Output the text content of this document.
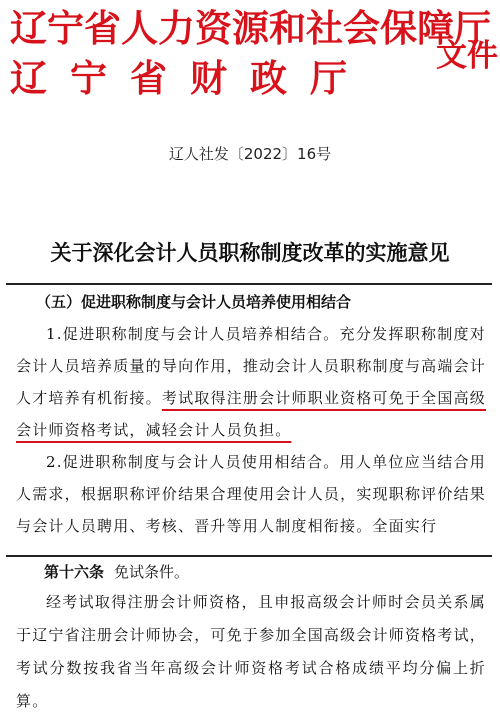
辽宁省人力资源和社会保障厅
辽宁省财政厅 文件
辽人社发〔2022〕16号
关于深化会计人员职称制度改革的实施意见
（五）促进职称制度与会计人员培养使用相结合
1.促进职称制度与会计人员培养相结合。充分发挥职称制度对会计人员培养质量的导向作用，推动会计人员职称制度与高端会计人才培养有机衔接。考试取得注册会计师职业资格可免于全国高级会计师资格考试，减轻会计人员负担。
2.促进职称制度与会计人员使用相结合。用人单位应当结合用人需求，根据职称评价结果合理使用会计人员，实现职称评价结果与会计人员聘用、考核、晋升等用人制度相衔接。全面实行
第十六条 免试条件。
经考试取得注册会计师资格，且申报高级会计师时会员关系属于辽宁省注册会计师协会，可免于参加全国高级会计师资格考试，考试分数按我省当年高级会计师资格考试合格成绩平均分偏上折算。
